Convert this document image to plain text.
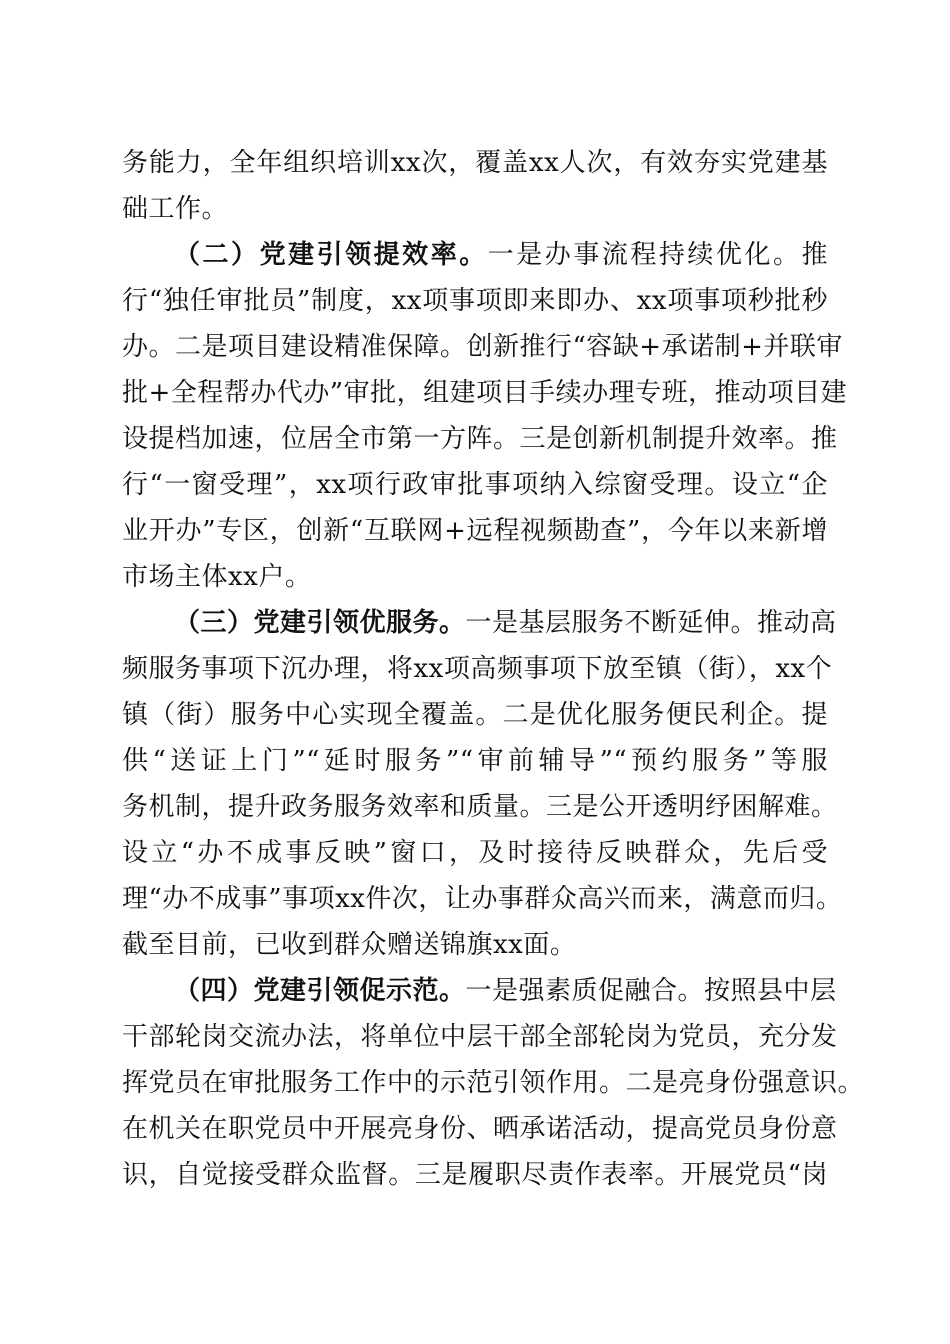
务能力，全年组织培训xx次，覆盖xx人次，有效夯实党建基
础工作。
（二）党建引领提效率。一是办事流程持续优化。推
行“独任审批员”制度，xx项事项即来即办、xx项事项秒批秒
办。二是项目建设精准保障。创新推行“容缺+承诺制+并联审
批+全程帮办代办”审批，组建项目手续办理专班，推动项目建
设提档加速，位居全市第一方阵。三是创新机制提升效率。推
行“一窗受理”，xx项行政审批事项纳入综窗受理。设立“企
业开办”专区，创新“互联网+远程视频勘查”，今年以来新增
市场主体xx户。
（三）党建引领优服务。一是基层服务不断延伸。推动高
频服务事项下沉办理，将xx项高频事项下放至镇（街），xx个
镇（街）服务中心实现全覆盖。二是优化服务便民利企。提
供“送证上门”“延时服务”“审前辅导”“预约服务”等服
务机制，提升政务服务效率和质量。三是公开透明纾困解难。
设立“办不成事反映”窗口，及时接待反映群众，先后受
理“办不成事”事项xx件次，让办事群众高兴而来，满意而归。
截至目前，已收到群众赠送锦旗xx面。
（四）党建引领促示范。一是强素质促融合。按照县中层
干部轮岗交流办法，将单位中层干部全部轮岗为党员，充分发
挥党员在审批服务工作中的示范引领作用。二是亮身份强意识。
在机关在职党员中开展亮身份、晒承诺活动，提高党员身份意
识，自觉接受群众监督。三是履职尽责作表率。开展党员“岗
